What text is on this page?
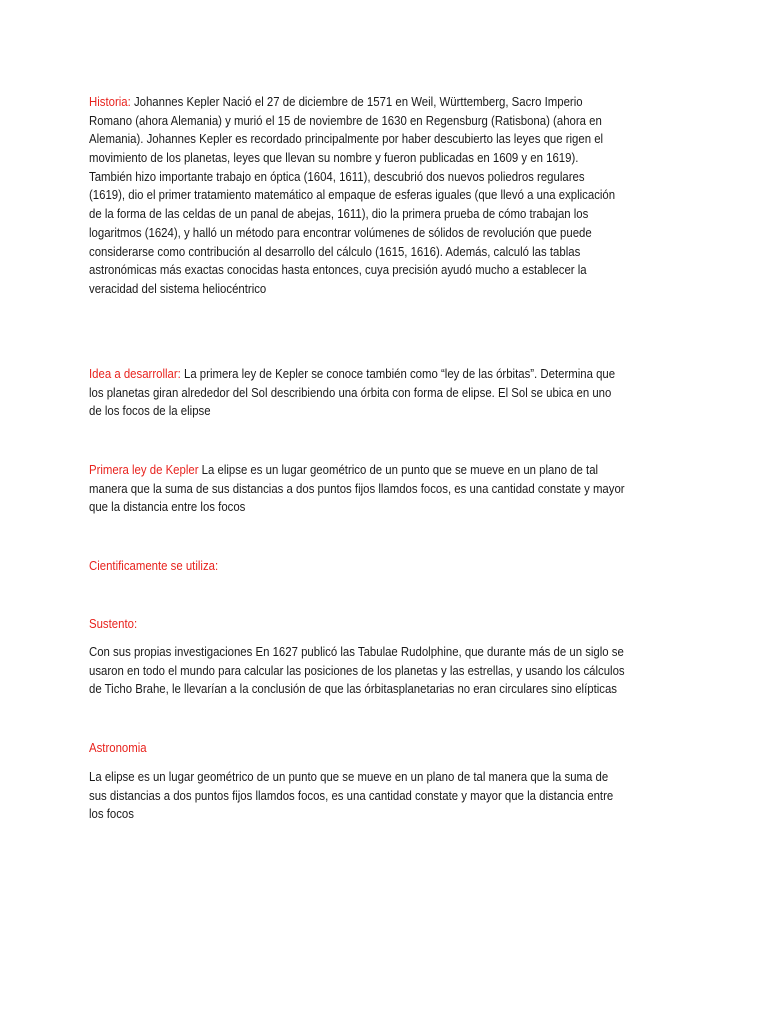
Historia: Johannes Kepler Nació el 27 de diciembre de 1571 en Weil, Württemberg, Sacro Imperio
Romano (ahora Alemania) y murió el 15 de noviembre de 1630 en Regensburg (Ratisbona) (ahora en
Alemania). Johannes Kepler es recordado principalmente por haber descubierto las leyes que rigen el
movimiento de los planetas, leyes que llevan su nombre y fueron publicadas en 1609 y en 1619).
También hizo importante trabajo en óptica (1604, 1611), descubrió dos nuevos poliedros regulares
(1619), dio el primer tratamiento matemático al empaque de esferas iguales (que llevó a una explicación
de la forma de las celdas de un panal de abejas, 1611), dio la primera prueba de cómo trabajan los
logaritmos (1624), y halló un método para encontrar volúmenes de sólidos de revolución que puede
considerarse como contribución al desarrollo del cálculo (1615, 1616). Además, calculó las tablas
astronómicas más exactas conocidas hasta entonces, cuya precisión ayudó mucho a establecer la
veracidad del sistema heliocéntrico
Idea a desarrollar: La primera ley de Kepler se conoce también como “ley de las órbitas”. Determina que
los planetas giran alrededor del Sol describiendo una órbita con forma de elipse. El Sol se ubica en uno
de los focos de la elipse
Primera ley de Kepler La elipse es un lugar geométrico de un punto que se mueve en un plano de tal
manera que la suma de sus distancias a dos puntos fijos llamdos focos, es una cantidad constate y mayor
que la distancia entre los focos
Cientificamente se utiliza:
Sustento:
Con sus propias investigaciones En 1627 publicó las Tabulae Rudolphine, que durante más de un siglo se
usaron en todo el mundo para calcular las posiciones de los planetas y las estrellas, y usando los cálculos
de Ticho Brahe, le llevarían a la conclusión de que las órbitasplanetarias no eran circulares sino elípticas
Astronomia
La elipse es un lugar geométrico de un punto que se mueve en un plano de tal manera que la suma de
sus distancias a dos puntos fijos llamdos focos, es una cantidad constate y mayor que la distancia entre
los focos
